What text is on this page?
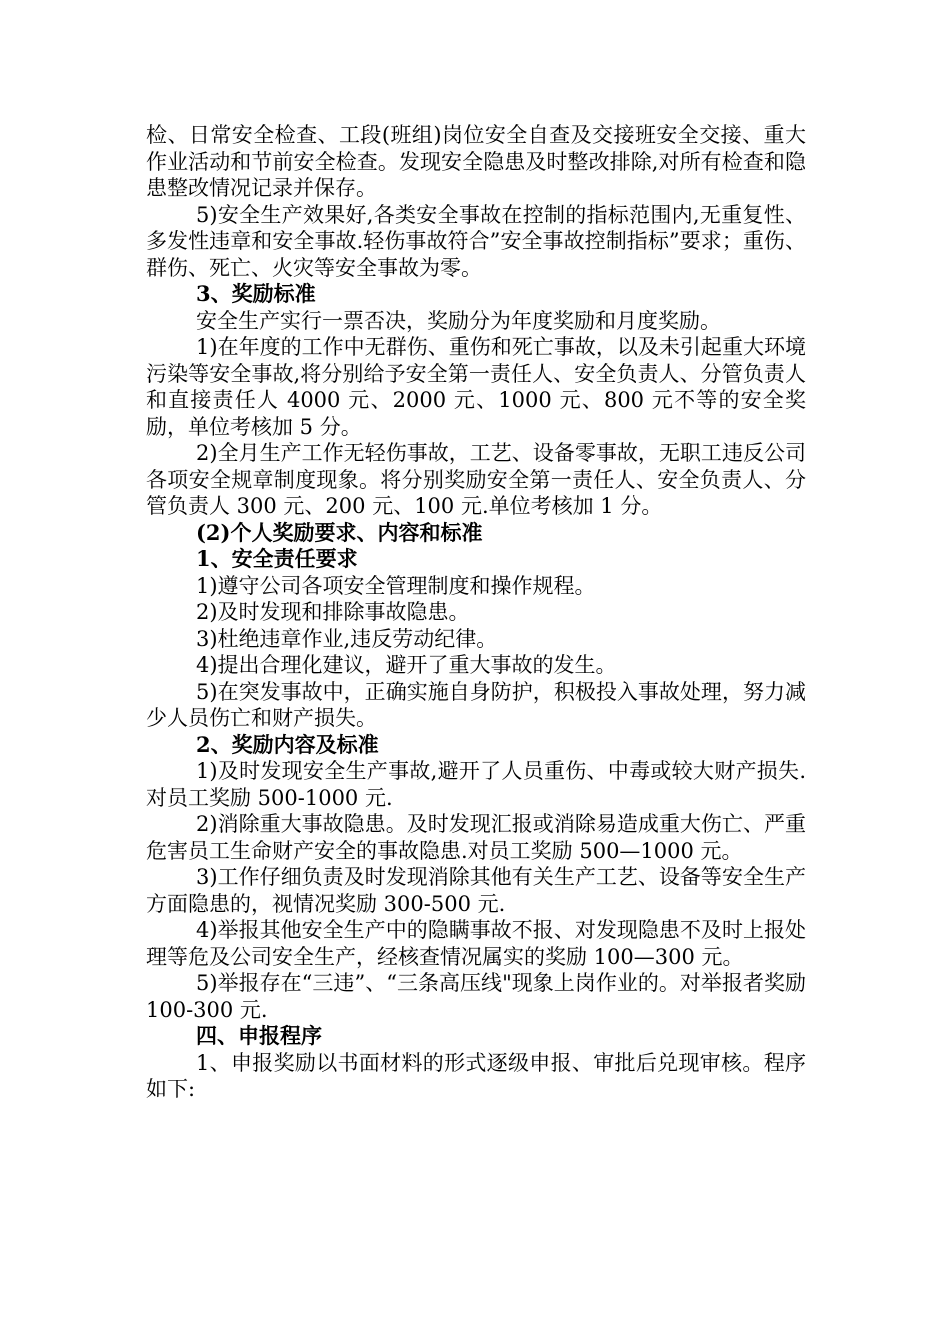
检、日常安全检查、工段(班组)岗位安全自查及交接班安全交接、重大作业活动和节前安全检查。发现安全隐患及时整改排除,对所有检查和隐患整改情况记录并保存。

5)安全生产效果好,各类安全事故在控制的指标范围内,无重复性、多发性违章和安全事故.轻伤事故符合”安全事故控制指标”要求；重伤、群伤、死亡、火灾等安全事故为零。

3、奖励标准

安全生产实行一票否决，奖励分为年度奖励和月度奖励。

1)在年度的工作中无群伤、重伤和死亡事故，以及未引起重大环境污染等安全事故,将分别给予安全第一责任人、安全负责人、分管负责人和直接责任人 4000 元、2000 元、1000 元、800 元不等的安全奖励，单位考核加 5 分。

2)全月生产工作无轻伤事故，工艺、设备零事故，无职工违反公司各项安全规章制度现象。将分别奖励安全第一责任人、安全负责人、分管负责人 300 元、200 元、100 元.单位考核加 1 分。

(2)个人奖励要求、内容和标准

1、安全责任要求

1)遵守公司各项安全管理制度和操作规程。

2)及时发现和排除事故隐患。

3)杜绝违章作业,违反劳动纪律。

4)提出合理化建议，避开了重大事故的发生。

5)在突发事故中，正确实施自身防护，积极投入事故处理，努力减少人员伤亡和财产损失。

2、奖励内容及标准

1)及时发现安全生产事故,避开了人员重伤、中毒或较大财产损失.对员工奖励 500-1000 元.

2)消除重大事故隐患。及时发现汇报或消除易造成重大伤亡、严重危害员工生命财产安全的事故隐患.对员工奖励 500—1000 元。

3)工作仔细负责及时发现消除其他有关生产工艺、设备等安全生产方面隐患的，视情况奖励 300-500 元.

4)举报其他安全生产中的隐瞒事故不报、对发现隐患不及时上报处理等危及公司安全生产，经核查情况属实的奖励 100—300 元。

5)举报存在“三违”、“三条高压线"现象上岗作业的。对举报者奖励 100-300 元.

四、申报程序

1、申报奖励以书面材料的形式逐级申报、审批后兑现审核。程序如下:
